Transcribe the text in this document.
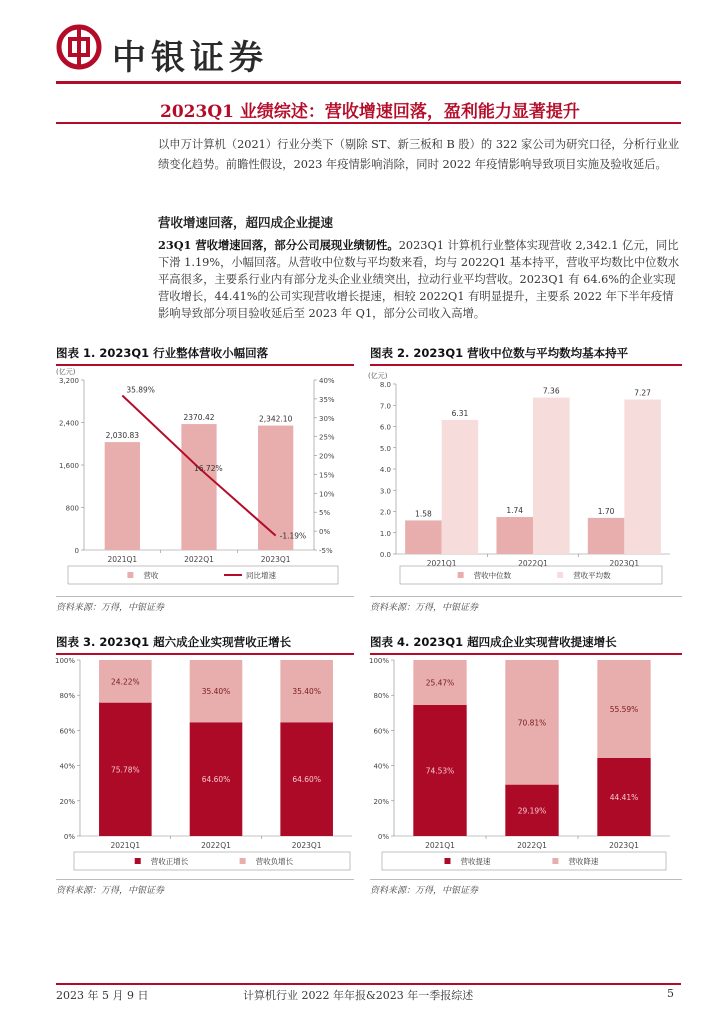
中银证券
2023Q1 业绩综述：营收增速回落，盈利能力显著提升
以申万计算机（2021）行业分类下（剔除 ST、新三板和 B 股）的 322 家公司为研究口径，分析行业业绩变化趋势。前瞻性假设，2023 年疫情影响消除，同时 2022 年疫情影响导致项目实施及验收延后。
营收增速回落，超四成企业提速
23Q1 营收增速回落，部分公司展现业绩韧性。2023Q1 计算机行业整体实现营收 2,342.1 亿元，同比下滑 1.19%，小幅回落。从营收中位数与平均数来看，均与 2022Q1 基本持平，营收平均数比中位数水平高很多，主要系行业内有部分龙头企业业绩突出，拉动行业平均营收。2023Q1 有 64.6%的企业实现营收增长，44.41%的公司实现营收增长提速，相较 2022Q1 有明显提升，主要系 2022 年下半年疫情影响导致部分项目验收延后至 2023 年 Q1，部分公司收入高增。
图表 1. 2023Q1 行业整体营收小幅回落	图表 2. 2023Q1 营收中位数与平均数均基本持平
(亿元)
0
800
1,600
2,400
3,200
-5%
0%
5%
10%
15%
20%
25%
30%
35%
40%
2021Q1	2022Q1	2023Q1
2,030.83
2370.42	2,342.10
35.89%
16.72%
-1.19%
营收	同比增速
(亿元)
0.0
1.0
2.0
3.0
4.0
5.0
6.0
7.0
8.0
2021Q1	2022Q1	2023Q1
1.58
6.31
1.74
7.36
1.70
7.27
营收中位数	营收平均数
资料来源：万得，中银证券	资料来源：万得，中银证券
图表 3. 2023Q1 超六成企业实现营收正增长	图表 4. 2023Q1 超四成企业实现营收提速增长
0%
20%
40%
60%
80%
100%
2021Q1	2022Q1	2023Q1
75.78%
24.22%
64.60%
35.40%
64.60%
35.40%
营收正增长	营收负增长
0%
20%
40%
60%
80%
100%
2021Q1	2022Q1	2023Q1
74.53%
25.47%
29.19%
70.81%
44.41%
55.59%
营收提速	营收降速
资料来源：万得，中银证券	资料来源：万得，中银证券
2023 年 5 月 9 日	计算机行业 2022 年年报&2023 年一季报综述	5
